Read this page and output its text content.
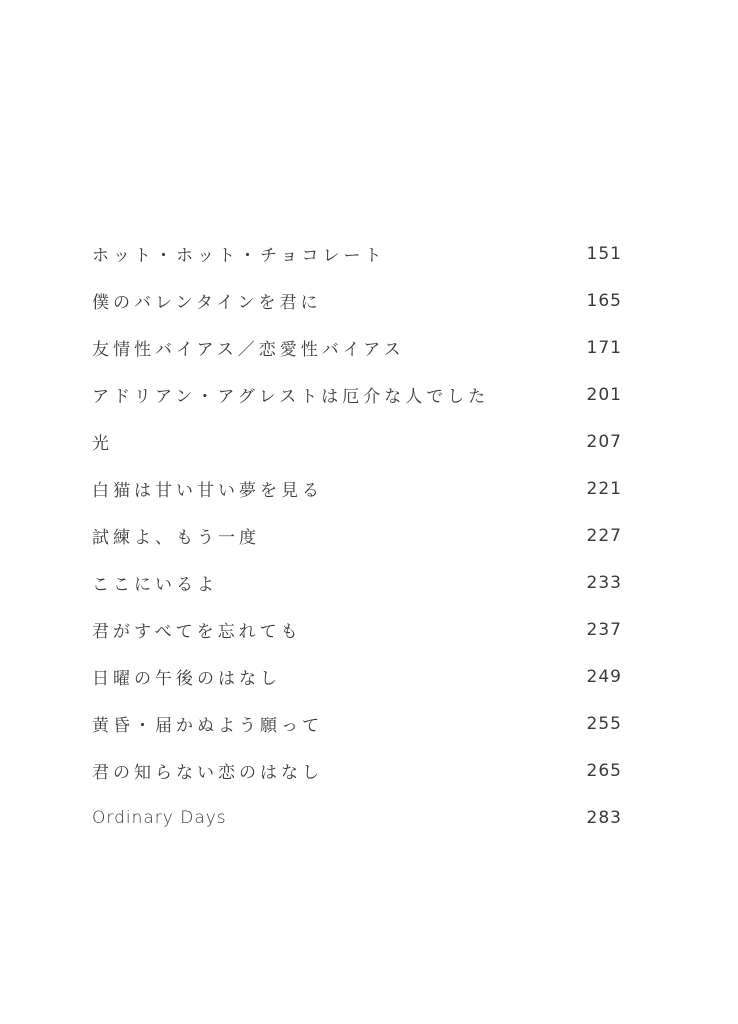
ホット・ホット・チョコレート	151
僕のバレンタインを君に	165
友情性バイアス／恋愛性バイアス	171
アドリアン・アグレストは厄介な人でした	201
光	207
白猫は甘い甘い夢を見る	221
試練よ、もう一度	227
ここにいるよ	233
君がすべてを忘れても	237
日曜の午後のはなし	249
黄昏・届かぬよう願って	255
君の知らない恋のはなし	265
Ordinary Days	283
